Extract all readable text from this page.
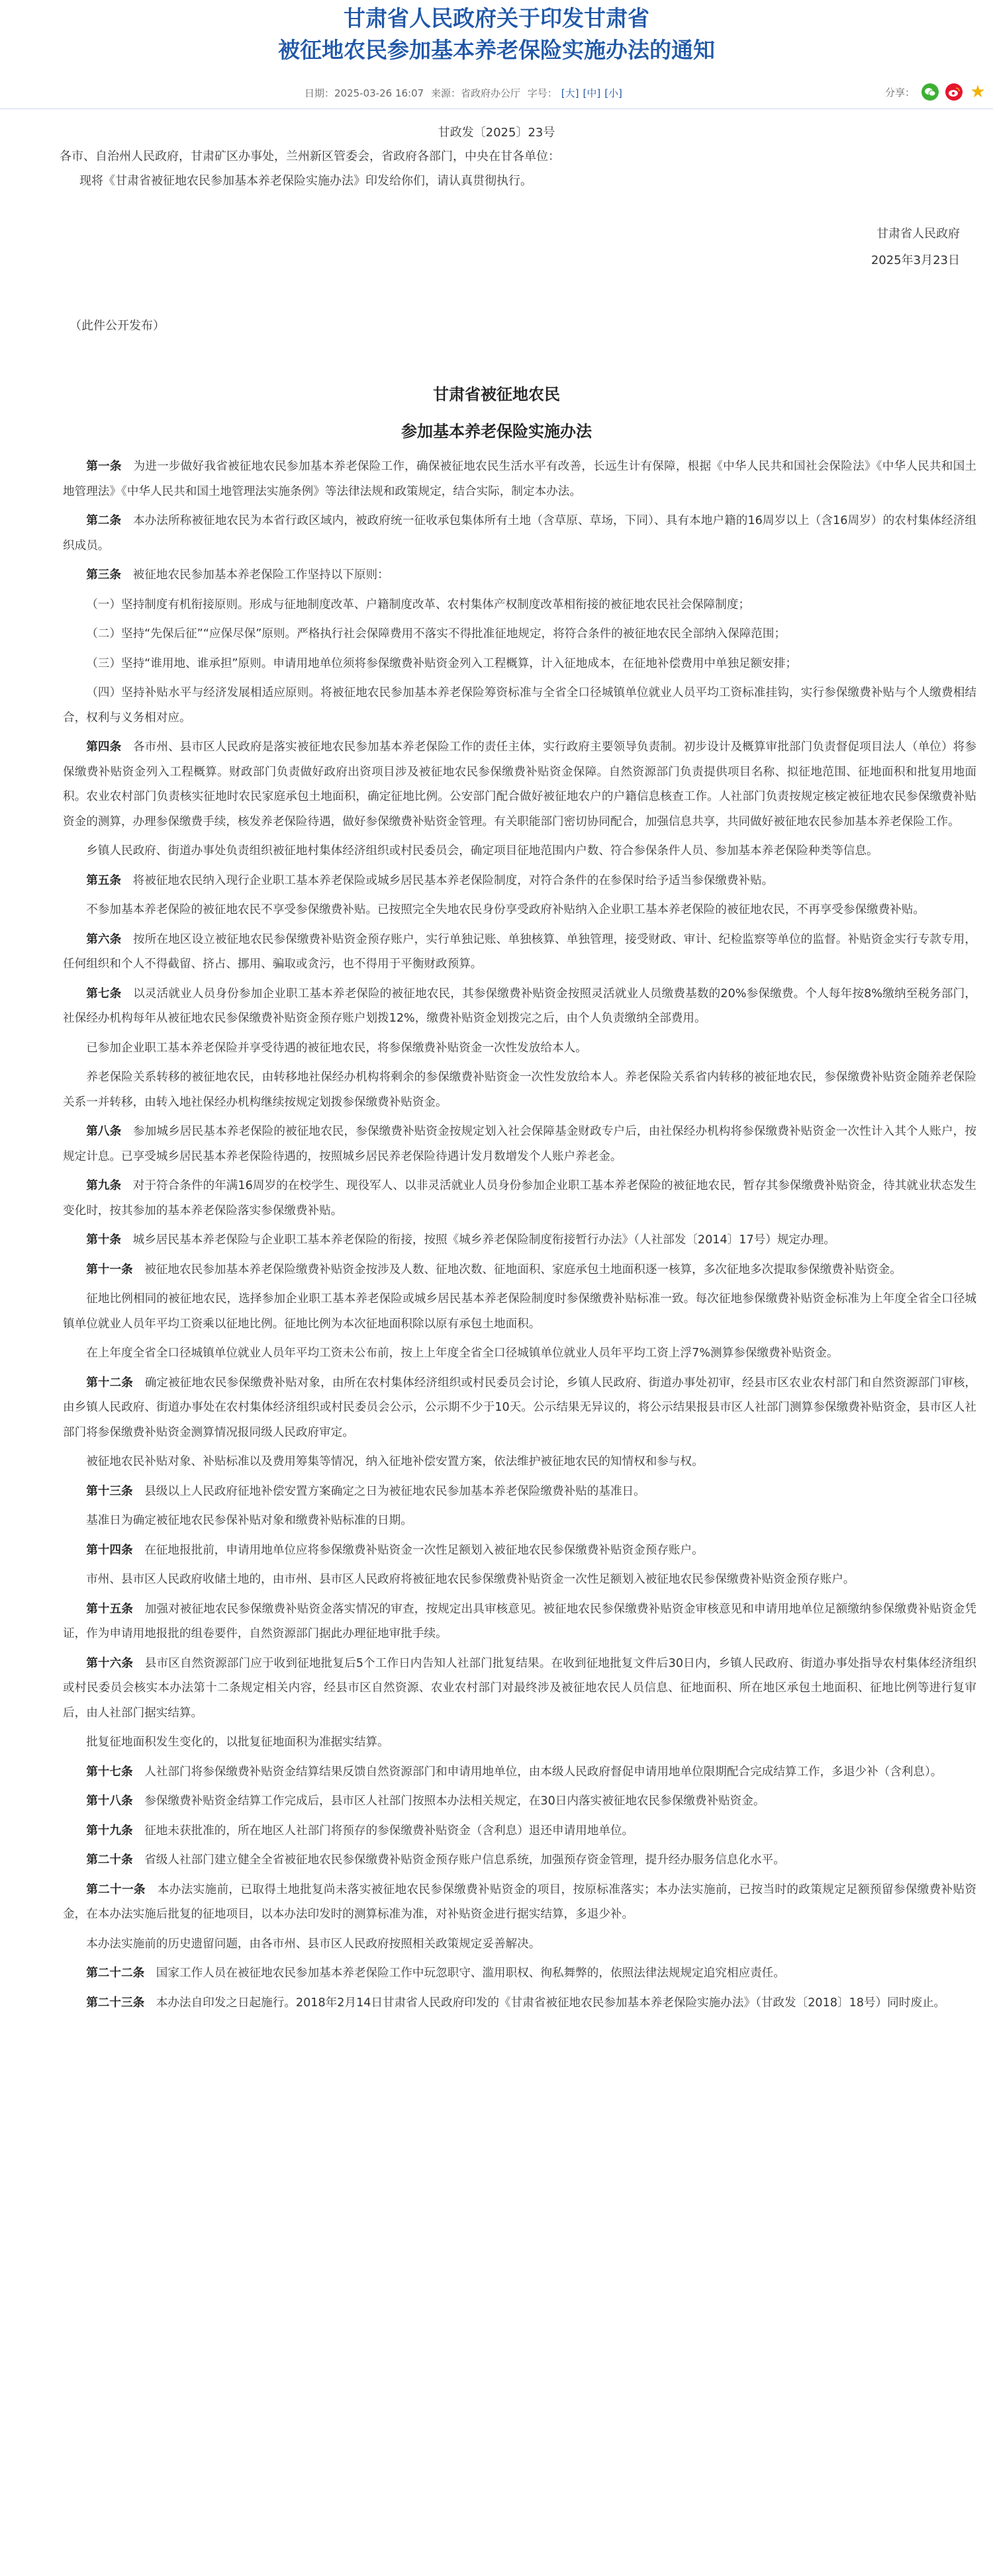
甘肃省人民政府关于印发甘肃省
被征地农民参加基本养老保险实施办法的通知
日期：2025-03-26 16:07 来源：省政府办公厅 字号： [大] [中] [小]	分享：	★
甘政发〔2025〕23号
各市、自治州人民政府，甘肃矿区办事处，兰州新区管委会，省政府各部门，中央在甘各单位：
现将《甘肃省被征地农民参加基本养老保险实施办法》印发给你们，请认真贯彻执行。
甘肃省人民政府
2025年3月23日
（此件公开发布）
甘肃省被征地农民
参加基本养老保险实施办法

第一条　 为进一步做好我省被征地农民参加基本养老保险工作，确保被征地农民生活水平有改善，长远生计有保障，根据《中华人民共和国社会保险法》《中华人民共和国土地管理法》《中华人民共和国土地管理法实施条例》等法律法规和政策规定，结合实际，制定本办法。

第二条　 本办法所称被征地农民为本省行政区域内，被政府统一征收承包集体所有土地（含草原、草场，下同）、具有本地户籍的16周岁以上（含16周岁）的农村集体经济组织成员。

第三条　 被征地农民参加基本养老保险工作坚持以下原则：

（一）坚持制度有机衔接原则。形成与征地制度改革、户籍制度改革、农村集体产权制度改革相衔接的被征地农民社会保障制度；

（二）坚持“先保后征”“应保尽保”原则。严格执行社会保障费用不落实不得批准征地规定，将符合条件的被征地农民全部纳入保障范围；

（三）坚持“谁用地、谁承担”原则。申请用地单位须将参保缴费补贴资金列入工程概算，计入征地成本，在征地补偿费用中单独足额安排；

（四）坚持补贴水平与经济发展相适应原则。将被征地农民参加基本养老保险筹资标准与全省全口径城镇单位就业人员平均工资标准挂钩，实行参保缴费补贴与个人缴费相结合，权利与义务相对应。

第四条　 各市州、县市区人民政府是落实被征地农民参加基本养老保险工作的责任主体，实行政府主要领导负责制。初步设计及概算审批部门负责督促项目法人（单位）将参保缴费补贴资金列入工程概算。财政部门负责做好政府出资项目涉及被征地农民参保缴费补贴资金保障。自然资源部门负责提供项目名称、拟征地范围、征地面积和批复用地面积。农业农村部门负责核实征地时农民家庭承包土地面积，确定征地比例。公安部门配合做好被征地农户的户籍信息核查工作。人社部门负责按规定核定被征地农民参保缴费补贴资金的测算，办理参保缴费手续，核发养老保险待遇，做好参保缴费补贴资金管理。有关职能部门密切协同配合，加强信息共享，共同做好被征地农民参加基本养老保险工作。

乡镇人民政府、街道办事处负责组织被征地村集体经济组织或村民委员会，确定项目征地范围内户数、符合参保条件人员、参加基本养老保险种类等信息。

第五条　 将被征地农民纳入现行企业职工基本养老保险或城乡居民基本养老保险制度，对符合条件的在参保时给予适当参保缴费补贴。

不参加基本养老保险的被征地农民不享受参保缴费补贴。已按照完全失地农民身份享受政府补贴纳入企业职工基本养老保险的被征地农民，不再享受参保缴费补贴。

第六条　 按所在地区设立被征地农民参保缴费补贴资金预存账户，实行单独记账、单独核算、单独管理，接受财政、审计、纪检监察等单位的监督。补贴资金实行专款专用，任何组织和个人不得截留、挤占、挪用、骗取或贪污，也不得用于平衡财政预算。

第七条　 以灵活就业人员身份参加企业职工基本养老保险的被征地农民，其参保缴费补贴资金按照灵活就业人员缴费基数的20%参保缴费。个人每年按8%缴纳至税务部门，社保经办机构每年从被征地农民参保缴费补贴资金预存账户划拨12%，缴费补贴资金划拨完之后，由个人负责缴纳全部费用。

已参加企业职工基本养老保险并享受待遇的被征地农民，将参保缴费补贴资金一次性发放给本人。

养老保险关系转移的被征地农民，由转移地社保经办机构将剩余的参保缴费补贴资金一次性发放给本人。养老保险关系省内转移的被征地农民，参保缴费补贴资金随养老保险关系一并转移，由转入地社保经办机构继续按规定划拨参保缴费补贴资金。

第八条　 参加城乡居民基本养老保险的被征地农民，参保缴费补贴资金按规定划入社会保障基金财政专户后，由社保经办机构将参保缴费补贴资金一次性计入其个人账户，按规定计息。已享受城乡居民基本养老保险待遇的，按照城乡居民养老保险待遇计发月数增发个人账户养老金。

第九条　 对于符合条件的年满16周岁的在校学生、现役军人、以非灵活就业人员身份参加企业职工基本养老保险的被征地农民，暂存其参保缴费补贴资金，待其就业状态发生变化时，按其参加的基本养老保险落实参保缴费补贴。

第十条　 城乡居民基本养老保险与企业职工基本养老保险的衔接，按照《城乡养老保险制度衔接暂行办法》（人社部发〔2014〕17号）规定办理。

第十一条　 被征地农民参加基本养老保险缴费补贴资金按涉及人数、征地次数、征地面积、家庭承包土地面积逐一核算，多次征地多次提取参保缴费补贴资金。

征地比例相同的被征地农民，选择参加企业职工基本养老保险或城乡居民基本养老保险制度时参保缴费补贴标准一致。每次征地参保缴费补贴资金标准为上年度全省全口径城镇单位就业人员年平均工资乘以征地比例。征地比例为本次征地面积除以原有承包土地面积。

在上年度全省全口径城镇单位就业人员年平均工资未公布前，按上上年度全省全口径城镇单位就业人员年平均工资上浮7%测算参保缴费补贴资金。

第十二条　 确定被征地农民参保缴费补贴对象，由所在农村集体经济组织或村民委员会讨论，乡镇人民政府、街道办事处初审，经县市区农业农村部门和自然资源部门审核，由乡镇人民政府、街道办事处在农村集体经济组织或村民委员会公示，公示期不少于10天。公示结果无异议的，将公示结果报县市区人社部门测算参保缴费补贴资金，县市区人社部门将参保缴费补贴资金测算情况报同级人民政府审定。

被征地农民补贴对象、补贴标准以及费用筹集等情况，纳入征地补偿安置方案，依法维护被征地农民的知情权和参与权。

第十三条　 县级以上人民政府征地补偿安置方案确定之日为被征地农民参加基本养老保险缴费补贴的基准日。

基准日为确定被征地农民参保补贴对象和缴费补贴标准的日期。

第十四条　 在征地报批前，申请用地单位应将参保缴费补贴资金一次性足额划入被征地农民参保缴费补贴资金预存账户。

市州、县市区人民政府收储土地的，由市州、县市区人民政府将被征地农民参保缴费补贴资金一次性足额划入被征地农民参保缴费补贴资金预存账户。

第十五条　 加强对被征地农民参保缴费补贴资金落实情况的审查，按规定出具审核意见。被征地农民参保缴费补贴资金审核意见和申请用地单位足额缴纳参保缴费补贴资金凭证，作为申请用地报批的组卷要件，自然资源部门据此办理征地审批手续。

第十六条　 县市区自然资源部门应于收到征地批复后5个工作日内告知人社部门批复结果。在收到征地批复文件后30日内，乡镇人民政府、街道办事处指导农村集体经济组织或村民委员会核实本办法第十二条规定相关内容，经县市区自然资源、农业农村部门对最终涉及被征地农民人员信息、征地面积、所在地区承包土地面积、征地比例等进行复审后，由人社部门据实结算。

批复征地面积发生变化的，以批复征地面积为准据实结算。

第十七条　 人社部门将参保缴费补贴资金结算结果反馈自然资源部门和申请用地单位，由本级人民政府督促申请用地单位限期配合完成结算工作，多退少补（含利息）。

第十八条　 参保缴费补贴资金结算工作完成后，县市区人社部门按照本办法相关规定，在30日内落实被征地农民参保缴费补贴资金。

第十九条　 征地未获批准的，所在地区人社部门将预存的参保缴费补贴资金（含利息）退还申请用地单位。

第二十条　 省级人社部门建立健全全省被征地农民参保缴费补贴资金预存账户信息系统，加强预存资金管理，提升经办服务信息化水平。

第二十一条　 本办法实施前，已取得土地批复尚未落实被征地农民参保缴费补贴资金的项目，按原标准落实；本办法实施前，已按当时的政策规定足额预留参保缴费补贴资金，在本办法实施后批复的征地项目，以本办法印发时的测算标准为准，对补贴资金进行据实结算，多退少补。

本办法实施前的历史遗留问题，由各市州、县市区人民政府按照相关政策规定妥善解决。

第二十二条　 国家工作人员在被征地农民参加基本养老保险工作中玩忽职守、滥用职权、徇私舞弊的，依照法律法规规定追究相应责任。

第二十三条　 本办法自印发之日起施行。2018年2月14日甘肃省人民政府印发的《甘肃省被征地农民参加基本养老保险实施办法》（甘政发〔2018〕18号）同时废止。
